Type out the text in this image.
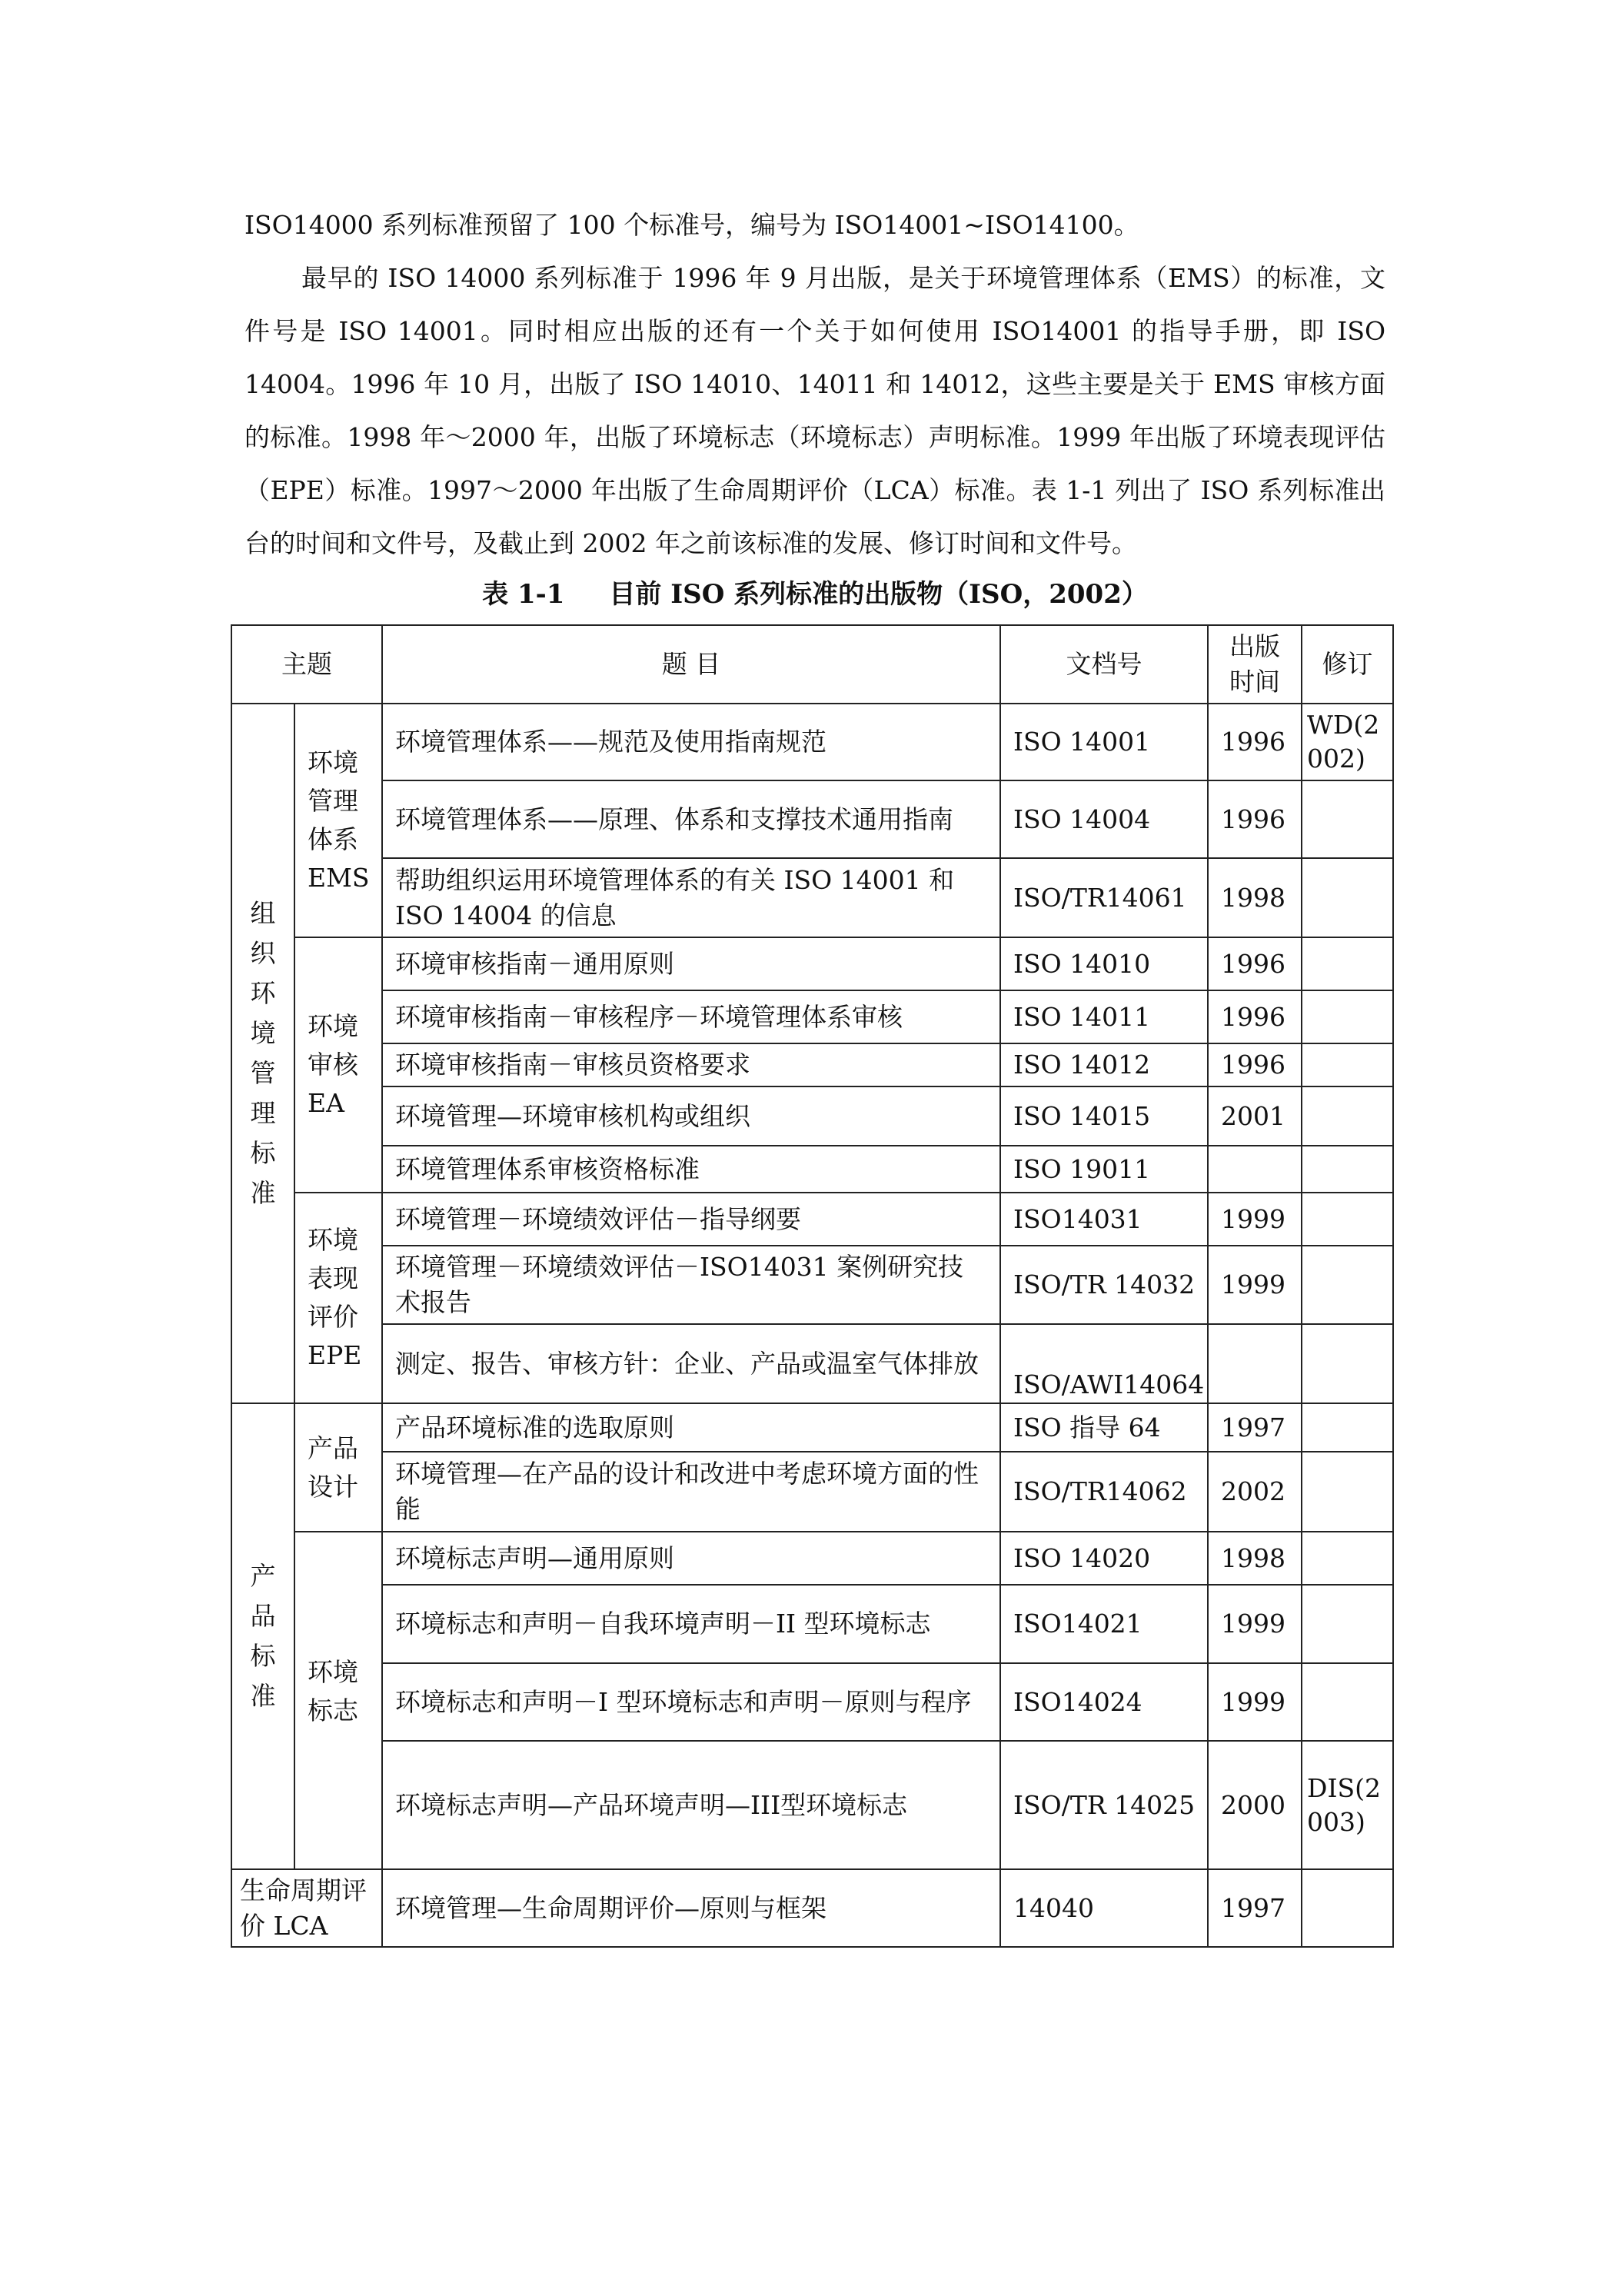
ISO14000 系列标准预留了 100 个标准号，编号为 ISO14001~ISO14100。

最早的 ISO 14000 系列标准于 1996 年 9 月出版，是关于环境管理体系（EMS）的标准，文件号是 ISO 14001。同时相应出版的还有一个关于如何使用 ISO14001 的指导手册，即 ISO 14004。1996 年 10 月，出版了 ISO 14010、14011 和 14012，这些主要是关于 EMS 审核方面的标准。1998 年～2000 年，出版了环境标志（环境标志）声明标准。1999 年出版了环境表现评估（EPE）标准。1997～2000 年出版了生命周期评价（LCA）标准。表 1-1 列出了 ISO 系列标准出台的时间和文件号，及截止到 2002 年之前该标准的发展、修订时间和文件号。

表 1-1 目前 ISO 系列标准的出版物（ISO，2002）

主题		题 目	文档号	出版时间	修订
组织环境管理标准	环境管理体系EMS	环境管理体系——规范及使用指南规范	ISO 14001	1996	WD(2002)
		环境管理体系——原理、体系和支撑技术通用指南	ISO 14004	1996	
		帮助组织运用环境管理体系的有关 ISO 14001 和 ISO 14004 的信息	ISO/TR14061	1998	
	环境审核EA	环境审核指南－通用原则	ISO 14010	1996	
		环境审核指南－审核程序－环境管理体系审核	ISO 14011	1996	
		环境审核指南－审核员资格要求	ISO 14012	1996	
		环境管理—环境审核机构或组织	ISO 14015	2001	
		环境管理体系审核资格标准	ISO 19011		
	环境表现评价EPE	环境管理－环境绩效评估－指导纲要	ISO14031	1999	
		环境管理－环境绩效评估－ISO14031 案例研究技术报告	ISO/TR 14032	1999	
		测定、报告、审核方针：企业、产品或温室气体排放	ISO/AWI14064		
产品标准	产品设计	产品环境标准的选取原则	ISO 指导 64	1997	
		环境管理—在产品的设计和改进中考虑环境方面的性能	ISO/TR14062	2002	
	环境标志	环境标志声明—通用原则	ISO 14020	1998	
		环境标志和声明－自我环境声明－II 型环境标志	ISO14021	1999	
		环境标志和声明－I 型环境标志和声明－原则与程序	ISO14024	1999	
		环境标志声明—产品环境声明—III型环境标志	ISO/TR 14025	2000	DIS(2003)
生命周期评价 LCA		环境管理—生命周期评价—原则与框架	14040	1997	
